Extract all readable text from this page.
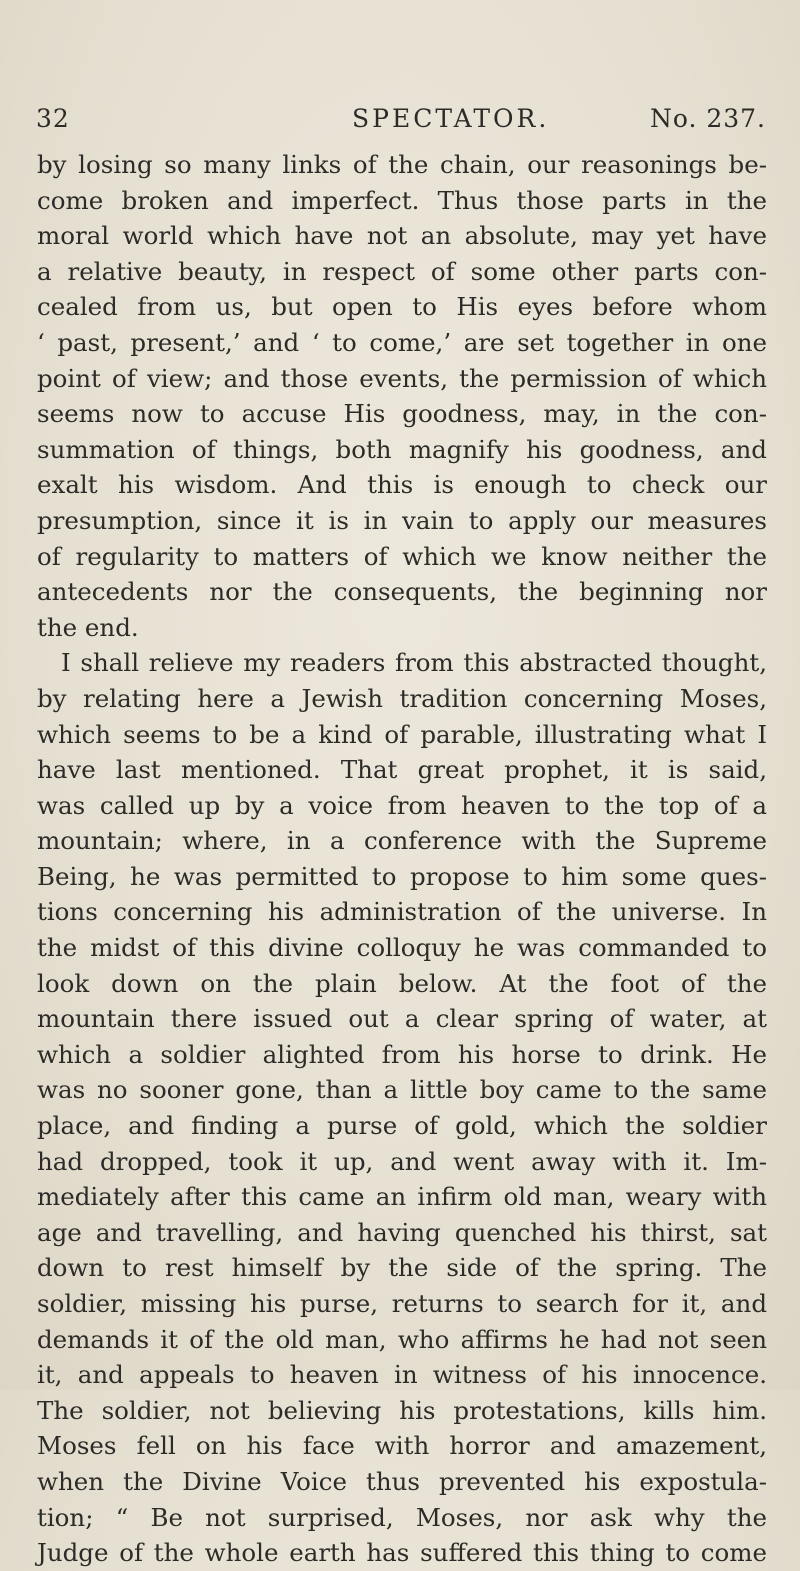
32	SPECTATOR.	No. 237.
by losing so many links of the chain, our reasonings be-
come broken and imperfect. Thus those parts in the
moral world which have not an absolute, may yet have
a relative beauty, in respect of some other parts con-
cealed from us, but open to His eyes before whom
‘ past, present,’ and ‘ to come,’ are set together in one
point of view; and those events, the permission of which
seems now to accuse His goodness, may, in the con-
summation of things, both magnify his goodness, and
exalt his wisdom. And this is enough to check our
presumption, since it is in vain to apply our measures
of regularity to matters of which we know neither the
antecedents nor the consequents, the beginning nor
the end.
I shall relieve my readers from this abstracted thought,
by relating here a Jewish tradition concerning Moses,
which seems to be a kind of parable, illustrating what I
have last mentioned. That great prophet, it is said,
was called up by a voice from heaven to the top of a
mountain; where, in a conference with the Supreme
Being, he was permitted to propose to him some ques-
tions concerning his administration of the universe. In
the midst of this divine colloquy he was commanded to
look down on the plain below. At the foot of the
mountain there issued out a clear spring of water, at
which a soldier alighted from his horse to drink. He
was no sooner gone, than a little boy came to the same
place, and finding a purse of gold, which the soldier
had dropped, took it up, and went away with it. Im-
mediately after this came an infirm old man, weary with
age and travelling, and having quenched his thirst, sat
down to rest himself by the side of the spring. The
soldier, missing his purse, returns to search for it, and
demands it of the old man, who affirms he had not seen
it, and appeals to heaven in witness of his innocence.
The soldier, not believing his protestations, kills him.
Moses fell on his face with horror and amazement,
when the Divine Voice thus prevented his expostula-
tion; “ Be not surprised, Moses, nor ask why the
Judge of the whole earth has suffered this thing to come
